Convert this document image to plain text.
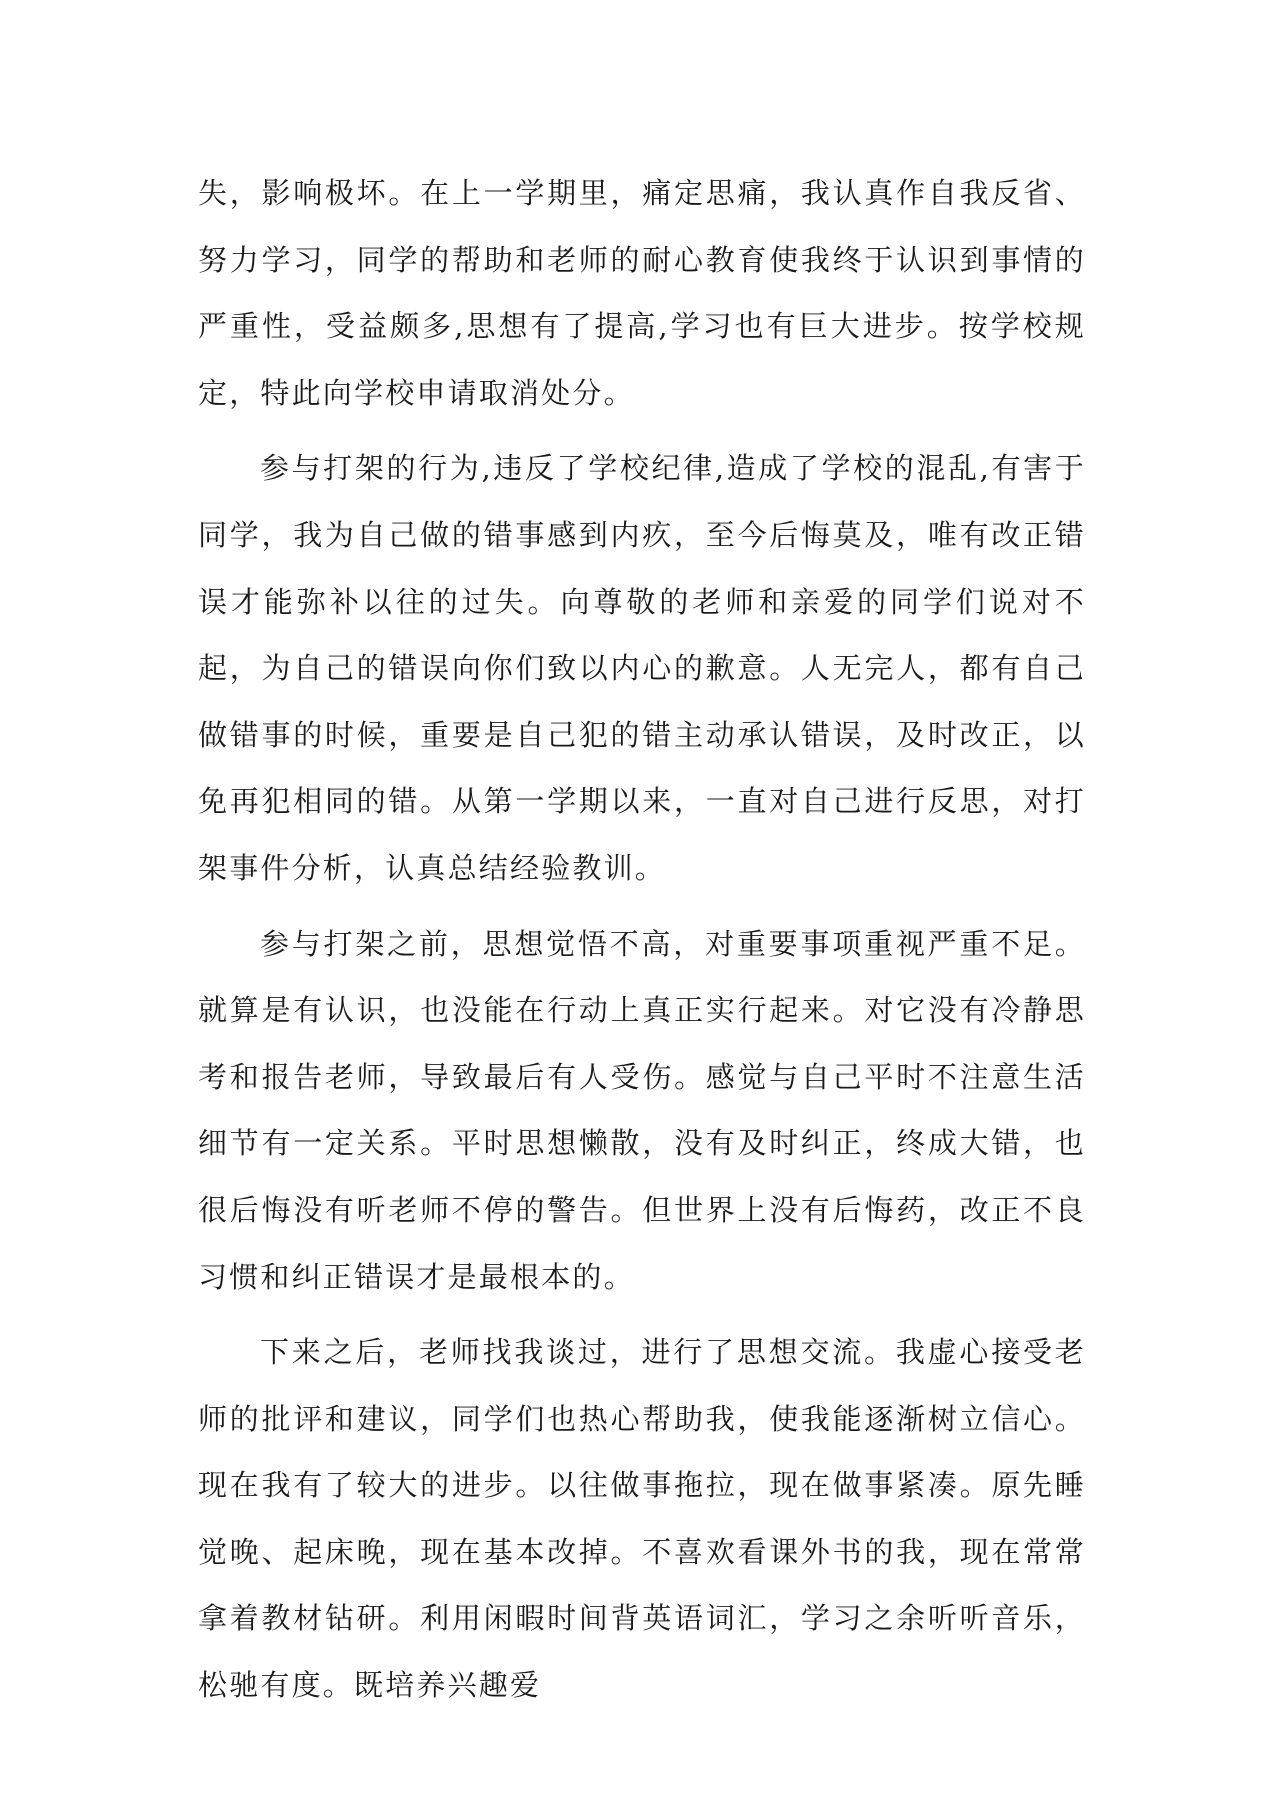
失，影响极坏。在上一学期里，痛定思痛，我认真作自我反省、努力学习，同学的帮助和老师的耐心教育使我终于认识到事情的严重性，受益颇多,思想有了提高,学习也有巨大进步。按学校规定，特此向学校申请取消处分。

参与打架的行为,违反了学校纪律,造成了学校的混乱,有害于同学，我为自己做的错事感到内疚，至今后悔莫及，唯有改正错误才能弥补以往的过失。向尊敬的老师和亲爱的同学们说对不起，为自己的错误向你们致以内心的歉意。人无完人，都有自己做错事的时候，重要是自己犯的错主动承认错误，及时改正，以免再犯相同的错。从第一学期以来，一直对自己进行反思，对打架事件分析，认真总结经验教训。

参与打架之前，思想觉悟不高，对重要事项重视严重不足。就算是有认识，也没能在行动上真正实行起来。对它没有冷静思考和报告老师，导致最后有人受伤。感觉与自己平时不注意生活细节有一定关系。平时思想懒散，没有及时纠正，终成大错，也很后悔没有听老师不停的警告。但世界上没有后悔药，改正不良习惯和纠正错误才是最根本的。

下来之后，老师找我谈过，进行了思想交流。我虚心接受老师的批评和建议，同学们也热心帮助我，使我能逐渐树立信心。现在我有了较大的进步。以往做事拖拉，现在做事紧凑。原先睡觉晚、起床晚，现在基本改掉。不喜欢看课外书的我，现在常常拿着教材钻研。利用闲暇时间背英语词汇，学习之余听听音乐，松驰有度。既培养兴趣爱
